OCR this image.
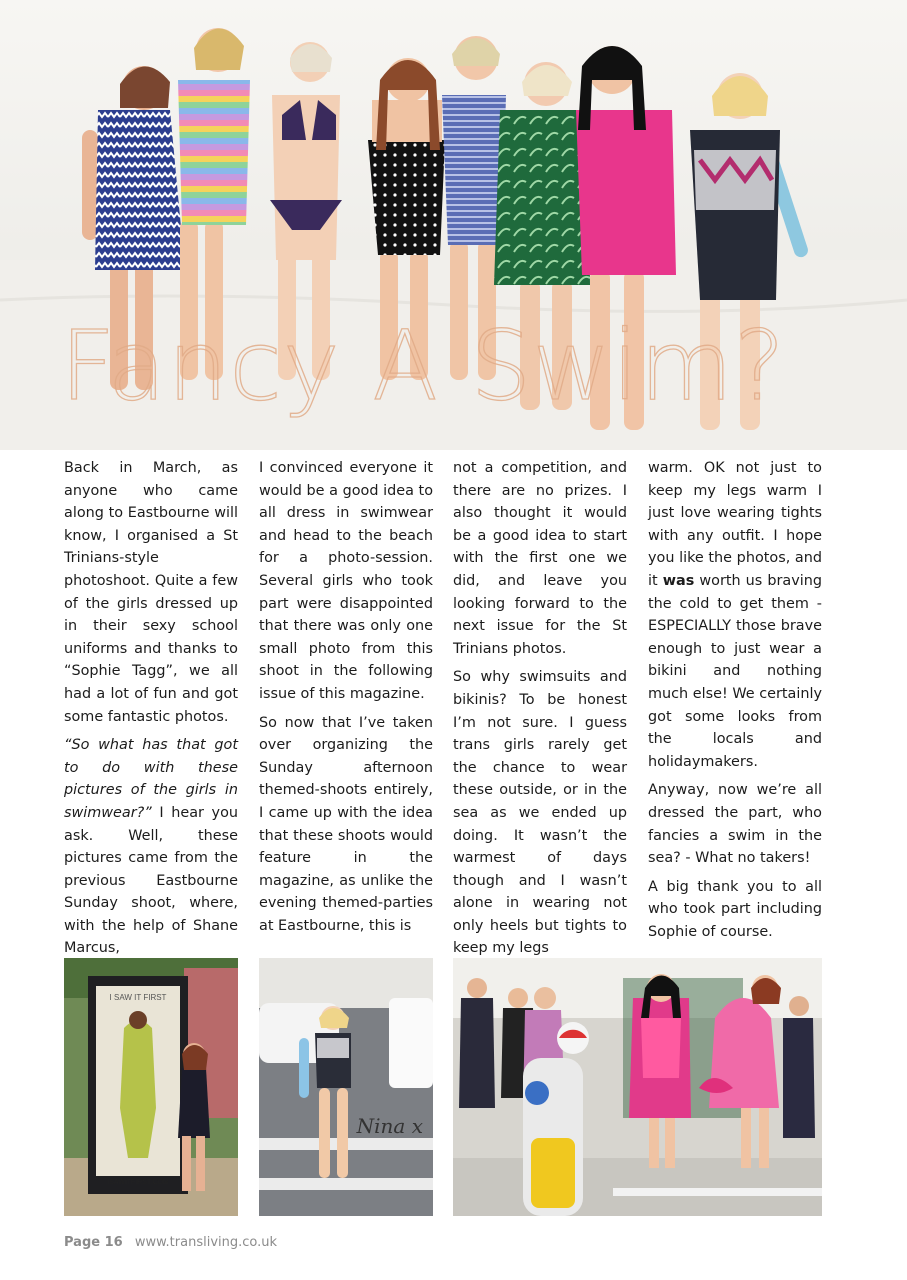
Fancy A Swim?

Back in March, as anyone who came along to Eastbourne will know, I organised a St Trinians-style photoshoot. Quite a few of the girls dressed up in their sexy school uniforms and thanks to “Sophie Tagg”, we all had a lot of fun and got some fantastic photos.

“So what has that got to do with these pictures of the girls in swimwear?” I hear you ask. Well, these pictures came from the previous Eastbourne Sunday shoot, where, with the help of Shane Marcus,

I convinced everyone it would be a good idea to all dress in swimwear and head to the beach for a photo-session. Several girls who took part were disappointed that there was only one small photo from this shoot in the following issue of this magazine.

So now that I’ve taken over organizing the Sunday afternoon themed-shoots entirely, I came up with the idea that these shoots would feature in the magazine, as unlike the evening themed-parties at Eastbourne, this is

not a competition, and there are no prizes. I also thought it would be a good idea to start with the first one we did, and leave you looking forward to the next issue for the St Trinians photos.

So why swimsuits and bikinis? To be honest I’m not sure. I guess trans girls rarely get the chance to wear these outside, or in the sea as we ended up doing. It wasn’t the warmest of days though and I wasn’t alone in wearing not only heels but tights to keep my legs

warm. OK not just to keep my legs warm I just love wearing tights with any outfit. I hope you like the photos, and it was worth us braving the cold to get them - ESPECIALLY those brave enough to just wear a bikini and nothing much else! We certainly got some looks from the locals and holidaymakers.

Anyway, now we’re all dressed the part, who fancies a swim in the sea? - What no takers!

A big thank you to all who took part including Sophie of course.

I SAW IT FIRST
ISAWITFIRST.COM
Nina x
Page 16 www.transliving.co.uk
